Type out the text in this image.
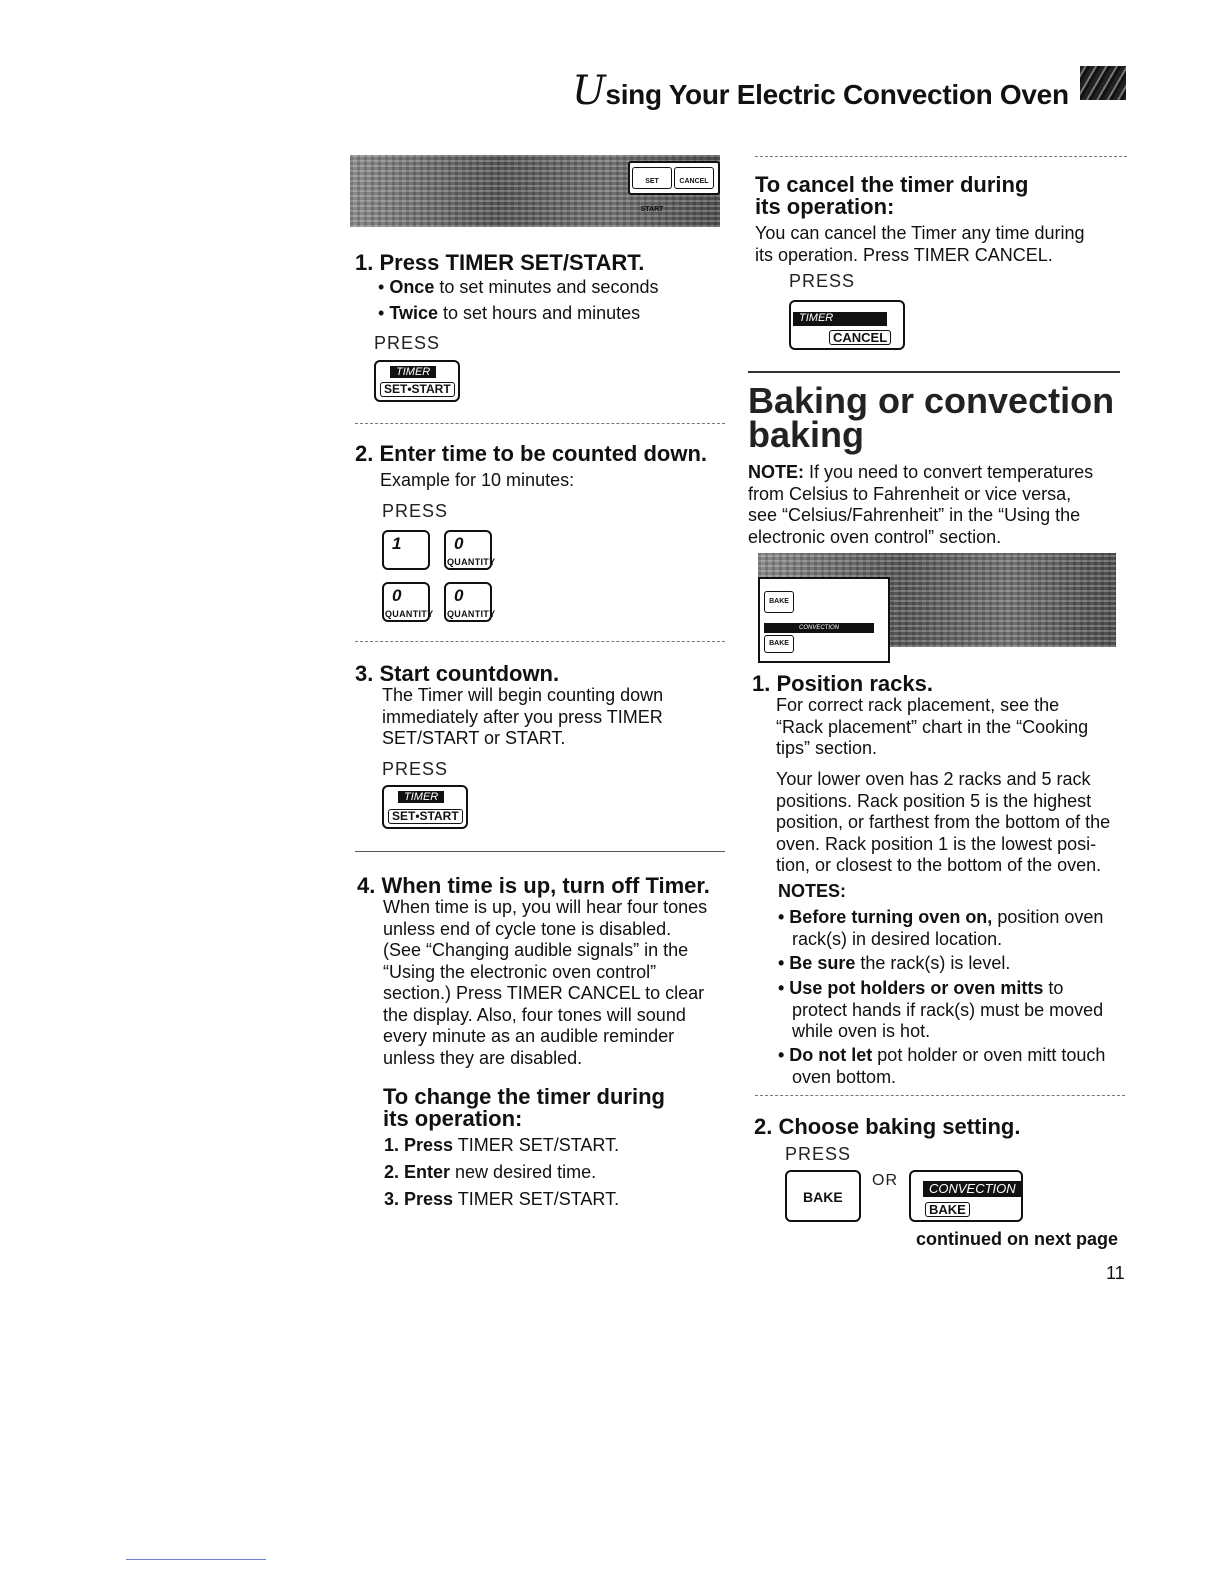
Using Your Electric Convection Oven
SET START
CANCEL
1. Press TIMER SET/START.
• Once to set minutes and seconds
• Twice to set hours and minutes
PRESS
TIMER
SET•START
2. Enter time to be counted down.
Example for 10 minutes:
PRESS
1	0
QUANTITY
0
QUANTITY
0
QUANTITY
3. Start countdown.
The Timer will begin counting down
immediately after you press TIMER
SET/START or START.
PRESS
TIMER
SET•START
4. When time is up, turn off Timer.
When time is up, you will hear four tones
unless end of cycle tone is disabled.
(See “Changing audible signals” in the
“Using the electronic oven control”
section.) Press TIMER CANCEL to clear
the display. Also, four tones will sound
every minute as an audible reminder
unless they are disabled.
To change the timer during
its operation:
1. Press TIMER SET/START.
2. Enter new desired time.
3. Press TIMER SET/START.
To cancel the timer during
its operation:
You can cancel the Timer any time during
its operation. Press TIMER CANCEL.
PRESS
TIMER
CANCEL
Baking or convection
baking
NOTE: If you need to convert temperatures
from Celsius to Fahrenheit or vice versa,
see “Celsius/Fahrenheit” in the “Using the
electronic oven control” section.
BAKE
CONVECTION
BAKE
1. Position racks.
For correct rack placement, see the
“Rack placement” chart in the “Cooking
tips” section.
Your lower oven has 2 racks and 5 rack
positions. Rack position 5 is the highest
position, or farthest from the bottom of the
oven. Rack position 1 is the lowest posi-
tion, or closest to the bottom of the oven.
NOTES:
• Before turning oven on, position oven
rack(s) in desired location.
• Be sure the rack(s) is level.
• Use pot holders or oven mitts to
protect hands if rack(s) must be moved
while oven is hot.
• Do not let pot holder or oven mitt touch
oven bottom.
2. Choose baking setting.
PRESS
BAKE
OR	CONVECTION
BAKE
continued on next page
11
